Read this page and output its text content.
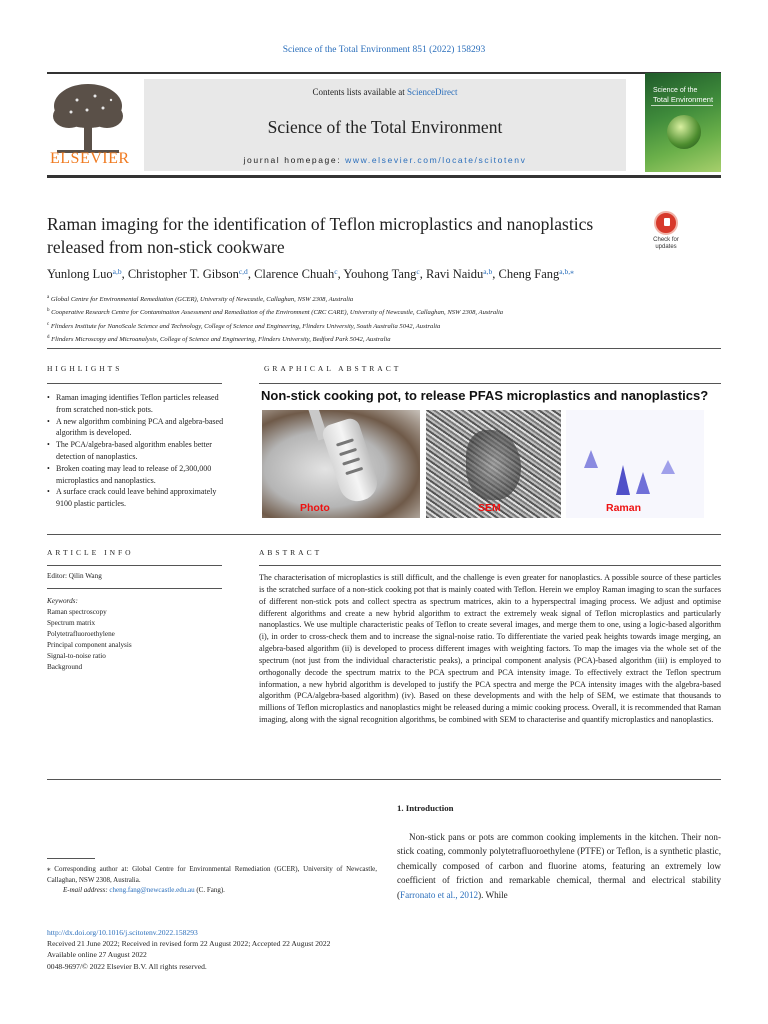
Science of the Total Environment 851 (2022) 158293
ELSEVIER
Contents lists available at ScienceDirect
Science of the Total Environment
journal homepage: www.elsevier.com/locate/scitotenv
Science of the
Total Environment
Raman imaging for the identification of Teflon microplastics and nanoplastics released from non-stick cookware	Check for
updates
Yunlong Luo$^{a,b}$, Christopher T. Gibson$^{c,d}$, Clarence Chuah$^c$, Youhong Tang$^c$, Ravi Naidu$^{a,b}$, Cheng Fang$^{a,b,⁎}$
$^a$ Global Centre for Environmental Remediation (GCER), University of Newcastle, Callaghan, NSW 2308, Australia
$^b$ Cooperative Research Centre for Contamination Assessment and Remediation of the Environment (CRC CARE), University of Newcastle, Callaghan, NSW 2308, Australia
$^c$ Flinders Institute for NanoScale Science and Technology, College of Science and Engineering, Flinders University, South Australia 5042, Australia
$^d$ Flinders Microscopy and Microanalysis, College of Science and Engineering, Flinders University, Bedford Park 5042, Australia
HIGHLIGHTS	GRAPHICAL ABSTRACT
• Raman imaging identifies Teflon particles released from scratched non-stick pots.
• A new algorithm combining PCA and algebra-based algorithm is developed.
• The PCA/algebra-based algorithm enables better detection of nanoplastics.
• Broken coating may lead to release of 2,300,000 microplastics and nanoplastics.
• A surface crack could leave behind approximately 9100 plastic particles.
Non-stick cooking pot, to release PFAS microplastics and nanoplastics?
Photo	SEM	Raman
ARTICLE INFO	ABSTRACT
Editor: Qilin Wang
Keywords:
Raman spectroscopy
Spectrum matrix
Polytetrafluoroethylene
Principal component analysis
Signal-to-noise ratio
Background
The characterisation of microplastics is still difficult, and the challenge is even greater for nanoplastics. A possible source of these particles is the scratched surface of a non-stick cooking pot that is mainly coated with Teflon. Herein we employ Raman imaging to scan the surfaces of different non-stick pots and collect spectra as spectrum matrices, akin to a hyperspectral imaging process. We adjust and optimise different algorithms and create a new hybrid algorithm to extract the extremely weak signal of Teflon microplastics and particularly nanoplastics. We use multiple characteristic peaks of Teflon to create several images, and merge them to one, using a logic-based algorithm (i), in order to cross-check them and to increase the signal-noise ratio. To differentiate the varied peak heights towards image merging, an algebra-based algorithm (ii) is developed to process different images with weighting factors. To map the images via the whole set of the spectrum (not just from the individual characteristic peaks), a principal component analysis (PCA)-based algorithm (iii) is employed to orthogonally decode the spectrum matrix to the PCA spectrum and PCA intensity image. To effectively extract the Teflon spectrum information, a new hybrid algorithm is developed to justify the PCA spectra and merge the PCA intensity images with the algebra-based algorithm (PCA/algebra-based algorithm) (iv). Based on these developments and with the help of SEM, we estimate that thousands to millions of Teflon microplastics and nanoplastics might be released during a mimic cooking process. Overall, it is recommended that Raman imaging, along with the signal recognition algorithms, be combined with SEM to characterise and quantify microplastics and nanoplastics.
1. Introduction
Non-stick pans or pots are common cooking implements in the kitchen. Their non-stick coating, commonly polytetrafluoroethylene (PTFE) or Teflon, is a synthetic plastic, chemically composed of carbon and fluorine atoms, featuring an extremely low coefficient of friction and remarkable chemical, thermal and electrical stability (Farronato et al., 2012). While
⁎ Corresponding author at: Global Centre for Environmental Remediation (GCER), University of Newcastle, Callaghan, NSW 2308, Australia.
E-mail address: cheng.fang@newcastle.edu.au (C. Fang).
http://dx.doi.org/10.1016/j.scitotenv.2022.158293
Received 21 June 2022; Received in revised form 22 August 2022; Accepted 22 August 2022
Available online 27 August 2022
0048-9697/© 2022 Elsevier B.V. All rights reserved.
